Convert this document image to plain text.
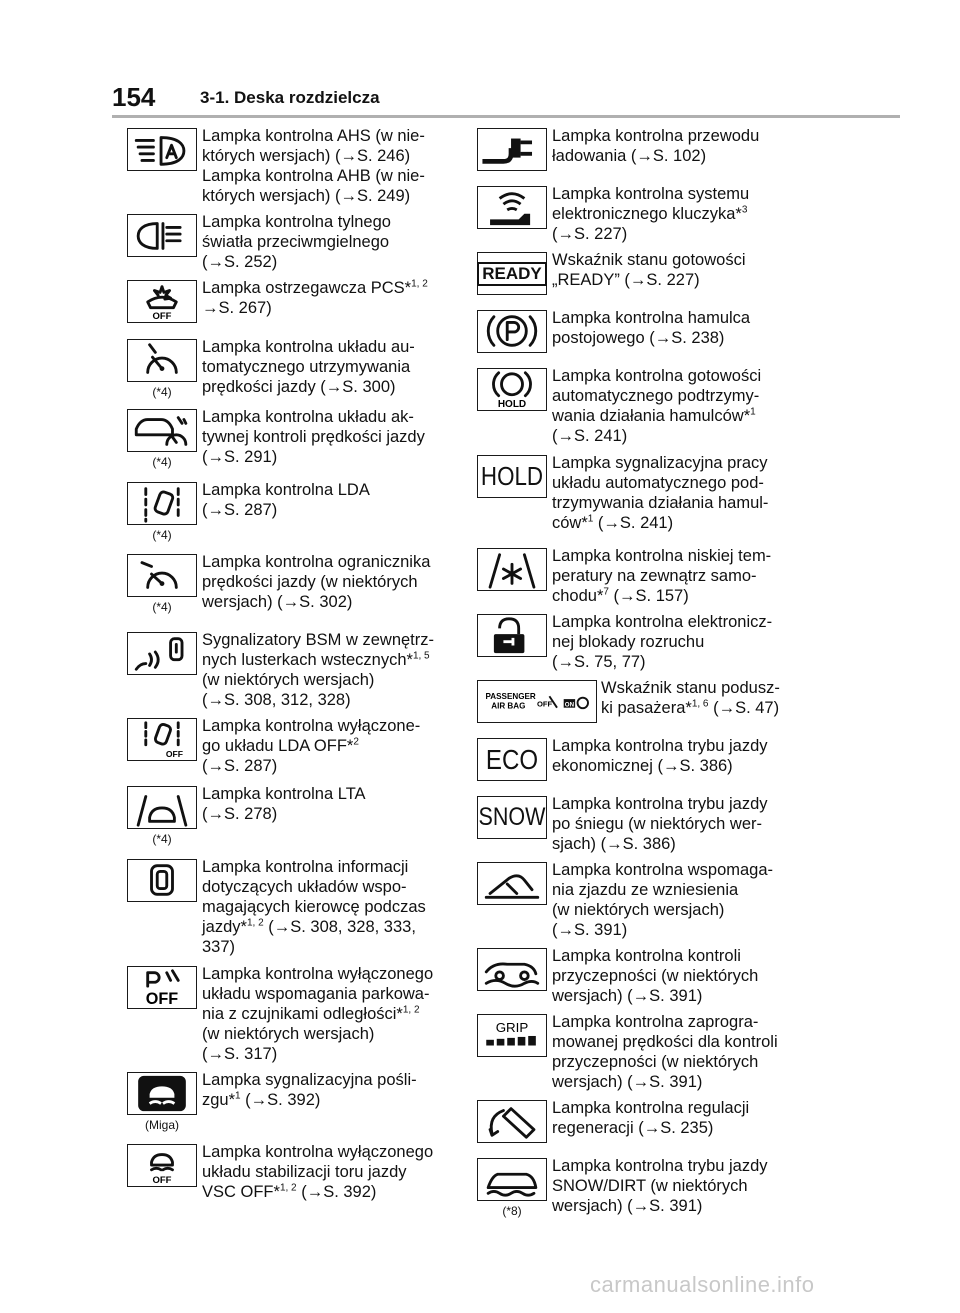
154	3-1. Deska rozdzielcza
Lampka kontrolna AHS (w nie-
których wersjach) (→S. 246)
Lampka kontrolna AHB (w nie-
których wersjach) (→S. 249)
Lampka kontrolna tylnego
światła przeciwmgielnego
(→S. 252)
OFF
Lampka ostrzegawcza PCS*$^{1, 2}$
→S. 267)
(*4)
Lampka kontrolna układu au-
tomatycznego utrzymywania
prędkości jazdy (→S. 300)
(*4)
Lampka kontrolna układu ak-
tywnej kontroli prędkości jazdy
(→S. 291)
(*4)
Lampka kontrolna LDA
(→S. 287)
(*4)
Lampka kontrolna ogranicznika
prędkości jazdy (w niektórych
wersjach) (→S. 302)
Sygnalizatory BSM w zewnętrz-
nych lusterkach wstecznych*$^{1, 5}$
(w niektórych wersjach)
(→S. 308, 312, 328)
OFF
Lampka kontrolna wyłączone-
go układu LDA OFF*$^2$
(→S. 287)
(*4)
Lampka kontrolna LTA
(→S. 278)
Lampka kontrolna informacji
dotyczących układów wspo-
magających kierowcę podczas
jazdy*$^{1, 2}$ (→S. 308, 328, 333,
337)
OFF
Lampka kontrolna wyłączonego
układu wspomagania parkowa-
nia z czujnikami odległości*$^{1, 2}$
(w niektórych wersjach)
(→S. 317)
(Miga)
Lampka sygnalizacyjna pośli-
zgu*$^1$ (→S. 392)
OFF
Lampka kontrolna wyłączonego
układu stabilizacji toru jazdy
VSC OFF*$^{1, 2}$ (→S. 392)
Lampka kontrolna przewodu
ładowania (→S. 102)
Lampka kontrolna systemu
elektronicznego kluczyka*$^3$
(→S. 227)
READY
Wskaźnik stanu gotowości
„READY” (→S. 227)
Lampka kontrolna hamulca
postojowego (→S. 238)
HOLD
Lampka kontrolna gotowości
automatycznego podtrzymy-
wania działania hamulców*$^1$
(→S. 241)
HOLD Lampka sygnalizacyjna pracy
układu automatycznego pod-
trzymywania działania hamul-
ców*$^1$ (→S. 241)
Lampka kontrolna niskiej tem-
peratury na zewnątrz samo-
chodu*$^7$ (→S. 157)
Lampka kontrolna elektronicz-
nej blokady rozruchu
(→S. 75, 77)
PASSENGER
AIR BAG OFF ON
Wskaźnik stanu podusz-
ki pasażera*$^{1, 6}$ (→S. 47)
ECO Lampka kontrolna trybu jazdy
ekonomicznej (→S. 386)
SNOW Lampka kontrolna trybu jazdy
po śniegu (w niektórych wer-
sjach) (→S. 386)
Lampka kontrolna wspomaga-
nia zjazdu ze wzniesienia
(w niektórych wersjach)
(→S. 391)
Lampka kontrolna kontroli
przyczepności (w niektórych
wersjach) (→S. 391)
GRIP Lampka kontrolna zaprogra-
mowanej prędkości dla kontroli
przyczepności (w niektórych
wersjach) (→S. 391)
Lampka kontrolna regulacji
regeneracji (→S. 235)
(*8)
Lampka kontrolna trybu jazdy
SNOW/DIRT (w niektórych
wersjach) (→S. 391)
carmanualsonline.info
